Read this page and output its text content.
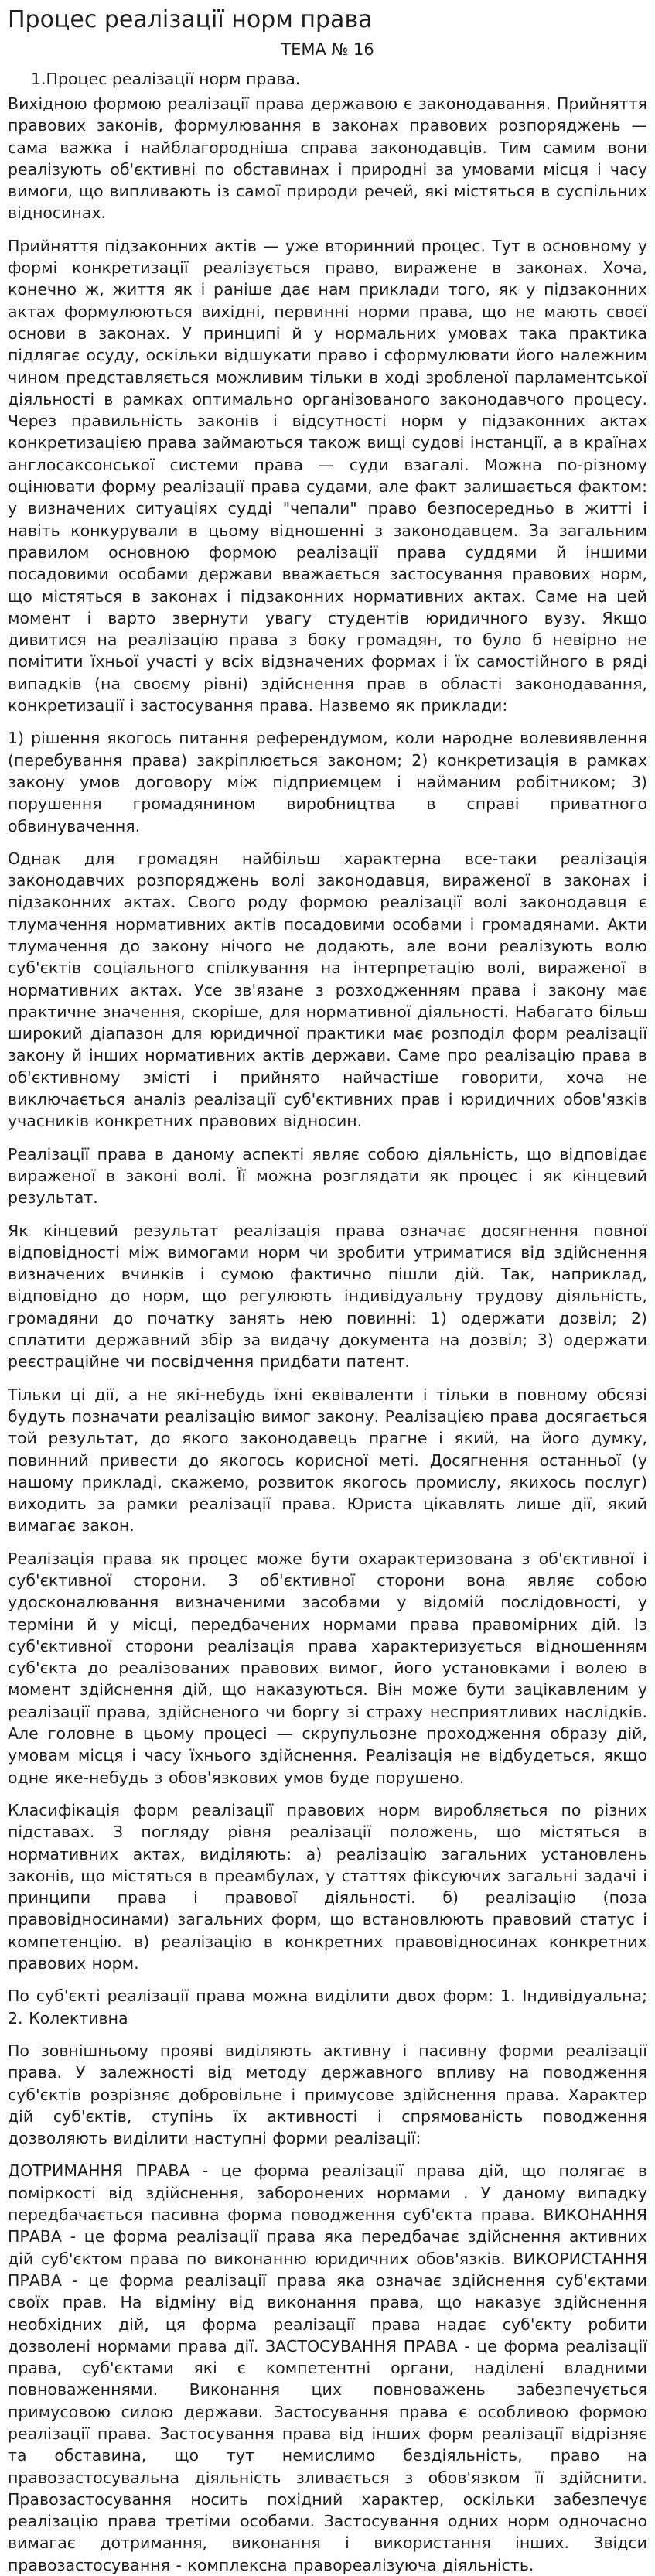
Процес реалізації норм права

ТЕМА № 16

1.Процес реалізації норм права.

Вихідною формою реалізації права державою є законодавання. Прийняття правових законів, формулювання в законах правових розпоряджень — сама важка і найблагородніша справа законодавців. Тим самим вони реалізують об'єктивні по обставинах і природні за умовами місця і часу вимоги, що випливають із самої природи речей, які містяться в суспільних відносинах.

Прийняття підзаконних актів — уже вторинний процес. Тут в основному у формі конкретизації реалізується право, виражене в законах. Хоча, конечно ж, життя як і раніше дає нам приклади того, як у підзаконних актах формулюються вихідні, первинні норми права, що не мають своєї основи в законах. У принципі й у нормальних умовах така практика підлягає осуду, оскільки відшукати право і сформулювати його належним чином представляється можливим тільки в ході зробленої парламентської діяльності в рамках оптимально організованого законодавчого процесу. Через правильність законів і відсутності норм у підзаконних актах конкретизацією права займаються також вищі судові інстанції, а в країнах англосаксонської системи права — суди взагалі. Можна по-різному оцінювати форму реалізації права судами, але факт залишається фактом: у визначених ситуаціях судді "чепали" право безпосередньо в житті і навіть конкурували в цьому відношенні з законодавцем. За загальним правилом основною формою реалізації права суддями й іншими посадовими особами держави вважається застосування правових норм, що містяться в законах і підзаконних нормативних актах. Саме на цей момент і варто звернути увагу студентів юридичного вузу. Якщо дивитися на реалізацію права з боку громадян, то було б невірно не помітити їхньої участі у всіх відзначених формах і їх самостійного в ряді випадків (на своєму рівні) здійснення прав в області законодавання, конкретизації і застосування права. Назвемо як приклади:

1) рішення якогось питання референдумом, коли народне волевиявлення (перебування права) закріплюється законом; 2) конкретизація в рамках закону умов договору між підприємцем і найманим робітником; 3) порушення громадянином виробництва в справі приватного обвинувачення.

Однак для громадян найбільш характерна все-таки реалізація законодавчих розпоряджень волі законодавця, вираженої в законах і підзаконних актах. Свого роду формою реалізації волі законодавця є тлумачення нормативних актів посадовими особами і громадянами. Акти тлумачення до закону нічого не додають, але вони реалізують волю суб'єктів соціального спілкування на інтерпретацію волі, вираженої в нормативних актах. Усе зв'язане з розходженням права і закону має практичне значення, скоріше, для нормативної діяльності. Набагато більш широкий діапазон для юридичної практики має розподіл форм реалізації закону й інших нормативних актів держави. Саме про реалізацію права в об'єктивному змісті і прийнято найчастіше говорити, хоча не виключається аналіз реалізації суб'єктивних прав і юридичних обов'язків учасників конкретних правових відносин.

Реалізації права в даному аспекті являє собою діяльність, що відповідає вираженої в законі волі. Її можна розглядати як процес і як кінцевий результат.

Як кінцевий результат реалізація права означає досягнення повної відповідності між вимогами норм чи зробити утриматися від здійснення визначених вчинків і сумою фактично пішли дій. Так, наприклад, відповідно до норм, що регулюють індивідуальну трудову діяльність, громадяни до початку занять нею повинні: 1) одержати дозвіл; 2) сплатити державний збір за видачу документа на дозвіл; 3) одержати реєстраційне чи посвідчення придбати патент.

Тільки ці дії, а не які-небудь їхні еквіваленти і тільки в повному обсязі будуть позначати реалізацію вимог закону. Реалізацією права досягається той результат, до якого законодавець прагне і який, на його думку, повинний привести до якогось корисної меті. Досягнення останньої (у нашому прикладі, скажемо, розвиток якогось промислу, якихось послуг) виходить за рамки реалізації права. Юриста цікавлять лише дії, який вимагає закон.

Реалізація права як процес може бути охарактеризована з об'єктивної і суб'єктивної сторони. З об'єктивної сторони вона являє собою удосконалювання визначеними засобами у відомій послідовності, у терміни й у місці, передбачених нормами права правомірних дій. Із суб'єктивної сторони реалізація права характеризується відношенням суб'єкта до реалізованих правових вимог, його установками і волею в момент здійснення дій, що наказуються. Він може бути зацікавленим у реалізації права, здійсненого чи боргу зі страху несприятливих наслідків. Але головне в цьому процесі — скрупульозне проходження образу дій, умовам місця і часу їхнього здійснення. Реалізація не відбудеться, якщо одне яке-небудь з обов'язкових умов буде порушено.

Класифікація форм реалізації правових норм виробляється по різних підставах. З погляду рівня реалізації положень, що містяться в нормативних актах, виділяють: а) реалізацію загальних установлень законів, що містяться в преамбулах, у статтях фіксуючих загальні задачі і принципи права і правової діяльності. б) реалізацію (поза правовідносинами) загальних форм, що встановлюють правовий статус і компетенцію. в) реалізацію в конкретних правовідносинах конкретних правових норм.

По суб'єкті реалізації права можна виділити двох форм: 1. Індивідуальна; 2. Колективна

По зовнішньому прояві виділяють активну і пасивну форми реалізації права. У залежності від методу державного впливу на поводження суб'єктів розрізняє добровільне і примусове здійснення права. Характер дій суб'єктів, ступінь їх активності і спрямованість поводження дозволяють виділити наступні форми реалізації:

ДОТРИМАННЯ ПРАВА - це форма реалізації права дій, що полягає в поміркості від здійснення, заборонених нормами . У даному випадку передбачається пасивна форма поводження суб'єкта права. ВИКОНАННЯ ПРАВА - це форма реалізації права яка передбачає здійснення активних дій суб'єктом права по виконанню юридичних обов'язків. ВИКОРИСТАННЯ ПРАВА - це форма реалізації права яка означає здійснення суб'єктами своїх прав. На відміну від виконання права, що наказує здійснення необхідних дій, ця форма реалізації права надає суб'єкту робити дозволені нормами права дії. ЗАСТОСУВАННЯ ПРАВА - це форма реалізації права, суб'єктами які є компетентні органи, наділені владними повноваженнями. Виконання цих повноважень забезпечується примусовою силою держави. Застосування права є особливою формою реалізації права. Застосування права від інших форм реалізації відрізняє та обставина, що тут немислимо бездіяльність, право на правозастосувальна діяльність зливається з обов'язком її здійснити. Правозастосування носить похідний характер, оскільки забезпечує реалізацію права третіми особами. Застосування одних норм одночасно вимагає дотримання, виконання і використання інших. Звідси правозастосування - комплексна правореалізуюча діяльність.
